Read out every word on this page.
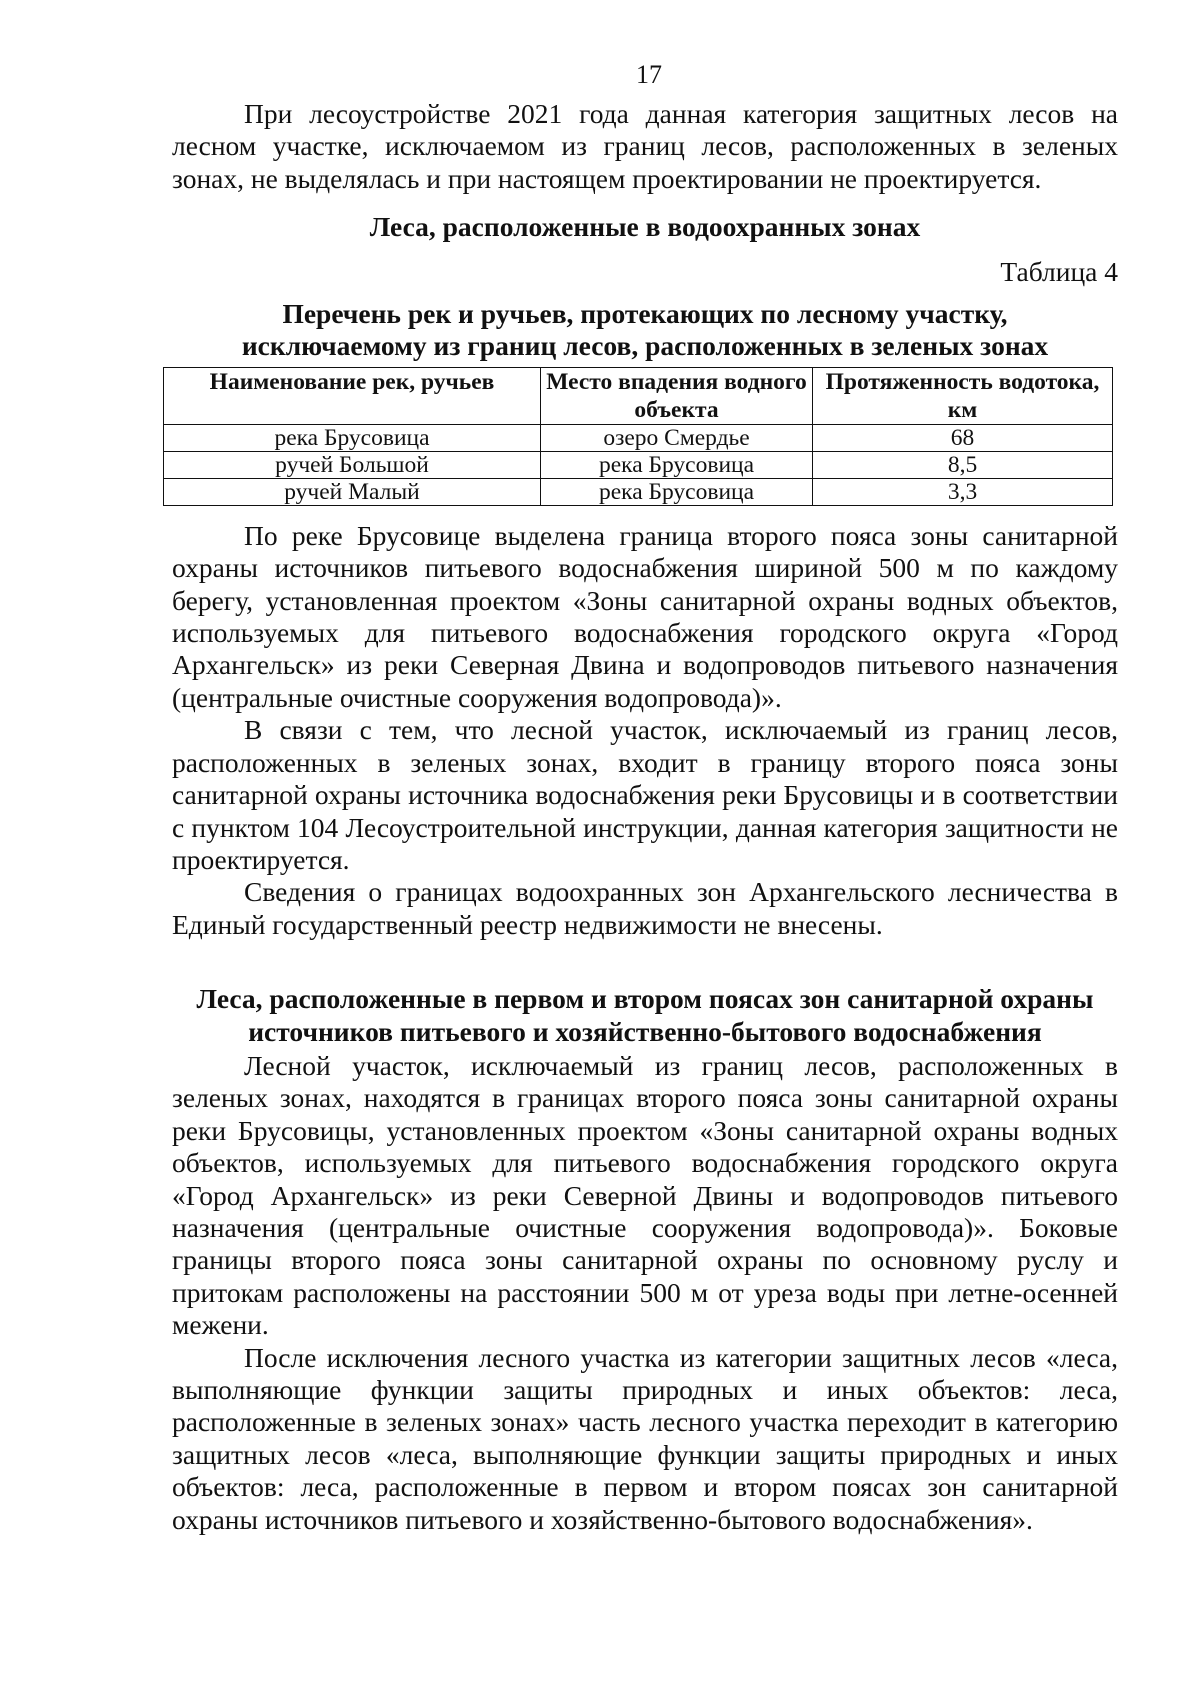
17

При лесоустройстве 2021 года данная категория защитных лесов на лесном участке, исключаемом из границ лесов, расположенных в зеленых зонах, не выделялась и при настоящем проектировании не проектируется.

Леса, расположенные в водоохранных зонах
Таблица 4
Перечень рек и ручьев, протекающих по лесному участку,
исключаемому из границ лесов, расположенных в зеленых зонах
Наименование рек, ручьев	Место впадения водного объекта	Протяженность водотока, км
река Брусовица	озеро Смердье	68
ручей Большой	река Брусовица	8,5
ручей Малый	река Брусовица	3,3

По реке Брусовице выделена граница второго пояса зоны санитарной охраны источников питьевого водоснабжения шириной 500 м по каждому берегу, установленная проектом «Зоны санитарной охраны водных объектов, используемых для питьевого водоснабжения городского округа «Город Архангельск» из реки Северная Двина и водопроводов питьевого назначения (центральные очистные сооружения водопровода)».

В связи с тем, что лесной участок, исключаемый из границ лесов, расположенных в зеленых зонах, входит в границу второго пояса зоны санитарной охраны источника водоснабжения реки Брусовицы и в соответствии с пунктом 104 Лесоустроительной инструкции, данная категория защитности не проектируется.

Сведения о границах водоохранных зон Архангельского лесничества в Единый государственный реестр недвижимости не внесены.

Леса, расположенные в первом и втором поясах зон санитарной охраны
источников питьевого и хозяйственно-бытового водоснабжения

Лесной участок, исключаемый из границ лесов, расположенных в зеленых зонах, находятся в границах второго пояса зоны санитарной охраны реки Брусовицы, установленных проектом «Зоны санитарной охраны водных объектов, используемых для питьевого водоснабжения городского округа «Город Архангельск» из реки Северной Двины и водопроводов питьевого назначения (центральные очистные сооружения водопровода)». Боковые границы второго пояса зоны санитарной охраны по основному руслу и притокам расположены на расстоянии 500 м от уреза воды при летне-осенней межени.

После исключения лесного участка из категории защитных лесов «леса, выполняющие функции защиты природных и иных объектов: леса, расположенные в зеленых зонах» часть лесного участка переходит в категорию защитных лесов «леса, выполняющие функции защиты природных и иных объектов: леса, расположенные в первом и втором поясах зон санитарной охраны источников питьевого и хозяйственно-бытового водоснабжения».
